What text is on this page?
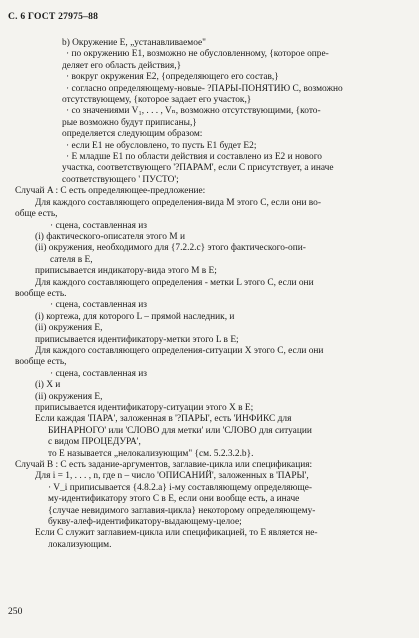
С. 6 ГОСТ 27975–88
b) Окружение E, „устанавливаемое"
· по окружению E1, возможно не обусловленному, {которое опре-
деляет его область действия,}
· вокруг окружения E2, {определяющего его состав,}
· согласно определяющему-новые- ?ПАРЫ-ПОНЯТИЮ C, возможно
отсутствующему, {которое задает его участок,}
· со значениями V₁, . . . , Vₙ, возможно отсутствующими, {кото-
рые возможно будут приписаны,}
определяется следующим образом:
· если E1 не обусловлено, то пусть E1 будет E2;
· E младше E1 по области действия и составлено из E2 и нового
участка, соответствующего '?ПАРАМ', если C присутствует, а иначе
соответствующего ' ПУСТО';
Случай A : C есть определяющее-предложение:
Для каждого составляющего определения-вида M этого C, если они во-
обще есть,
· сцена, составленная из
(i) фактического-описателя этого M и
(ii) окружения, необходимого для {7.2.2.c} этого фактического-опи-
сателя в E,
приписывается индикатору-вида этого M в E;
Для каждого составляющего определения - метки L этого C, если они
вообще есть.
· сцена, составленная из
(i) кортежа, для которого L – прямой наследник, и
(ii) окружения E,
приписывается идентификатору-метки этого L в E;
Для каждого составляющего определения-ситуации X этого C, если они
вообще есть,
· сцена, составленная из
(i) X и
(ii) окружения E,
приписывается идентификатору-ситуации этого X в E;
Если каждая 'ПАРА', заложенная в '?ПАРЫ', есть 'ИНФИКС для
БИНАРНОГО' или 'СЛОВО для метки' или 'СЛОВО для ситуации
с видом ПРОЦЕДУРА',
то E называется „нелокализующим" {см. 5.2.3.2.b}.
Случай B : C есть задание-аргументов, заглавие-цикла или спецификация:
Для i = 1, . . . , n, где n – число 'ОПИСАНИЙ', заложенных в 'ПАРЫ',
· V_i приписывается {4.8.2.a} i-му составляющему определяюще-
му-идентификатору этого C в E, если они вообще есть, а иначе
{случае невидимого заглавия-цикла} некоторому определяющему-
букву-алеф-идентификатору-выдающему-целое;
Если C служит заглавием-цикла или спецификацией, то E является не-
локализующим.
250
